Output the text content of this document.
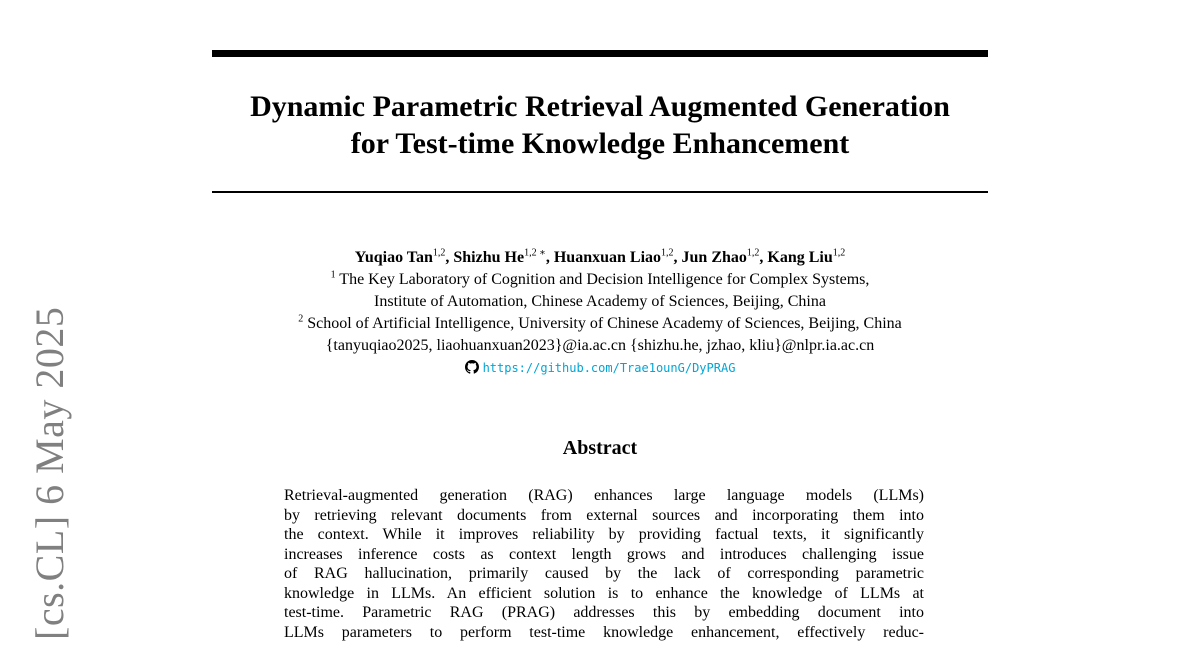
[cs.CL] 6 May 2025
Dynamic Parametric Retrieval Augmented Generation
for Test-time Knowledge Enhancement
Yuqiao Tan$^{1,2}$, Shizhu $He^{1,2 ∗}$, Huanxuan Liao$^{1,2}$, Jun Zhao$^{1,2}$, Kang Liu$^{1,2}$
$^1$ The Key Laboratory of Cognition and Decision Intelligence for Complex Systems,
Institute of Automation, Chinese Academy of Sciences, Beijing, China
$^2$ School of Artificial Intelligence, University of Chinese Academy of Sciences, Beijing, China
{tanyuqiao2025, liaohuanxuan2023}@ia.ac.cn {shizhu.he, jzhao, kliu}@nlpr.ia.ac.cn
https://github.com/Trae1ounG/DyPRAG
Abstract
Retrieval-augmented generation (RAG) enhances large language models (LLMs)
by retrieving relevant documents from external sources and incorporating them into
the context. While it improves reliability by providing factual texts, it significantly
increases inference costs as context length grows and introduces challenging issue
of RAG hallucination, primarily caused by the lack of corresponding parametric
knowledge in LLMs. An efficient solution is to enhance the knowledge of LLMs at
test-time. Parametric RAG (PRAG) addresses this by embedding document into
LLMs parameters to perform test-time knowledge enhancement, effectively reduc-
